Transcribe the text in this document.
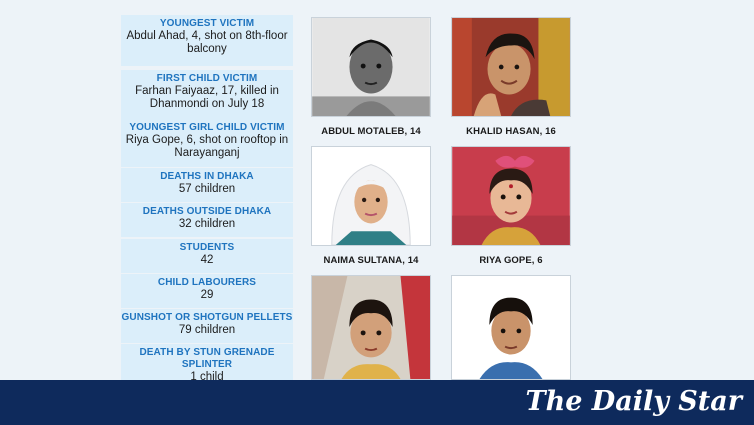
YOUNGEST VICTIM
Abdul Ahad, 4, shot on 8th-floor balcony
FIRST CHILD VICTIM
Farhan Faiyaaz, 17, killed in Dhanmondi on July 18
YOUNGEST GIRL CHILD VICTIM
Riya Gope, 6, shot on rooftop in Narayanganj
DEATHS IN DHAKA
57 children
DEATHS OUTSIDE DHAKA
32 children
STUDENTS
42
CHILD LABOURERS
29
GUNSHOT OR SHOTGUN PELLETS
79 children
DEATH BY STUN GRENADE SPLINTER
1 child
ABDUL MOTALEB, 14	KHALID HASAN, 16
NAIMA SULTANA, 14	RIYA GOPE, 6
The Daily Star
